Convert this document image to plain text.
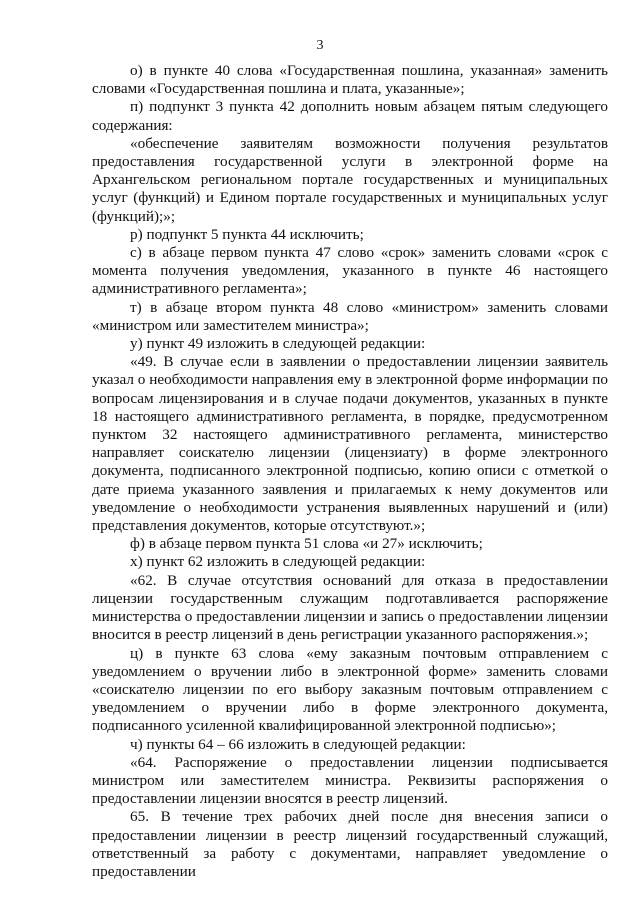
3

о) в пункте 40 слова «Государственная пошлина, указанная» заменить словами «Государственная пошлина и плата, указанные»;

п) подпункт 3 пункта 42 дополнить новым абзацем пятым следующего содержания:

«обеспечение заявителям возможности получения результатов предоставления государственной услуги в электронной форме на Архангельском региональном портале государственных и муниципальных услуг (функций) и Едином портале государственных и муниципальных услуг (функций);»;

р) подпункт 5 пункта 44 исключить;

с) в абзаце первом пункта 47 слово «срок» заменить словами «срок с момента получения уведомления, указанного в пункте 46 настоящего административного регламента»;

т) в абзаце втором пункта 48 слово «министром» заменить словами «министром или заместителем министра»;

у) пункт 49 изложить в следующей редакции:

«49. В случае если в заявлении о предоставлении лицензии заявитель указал о необходимости направления ему в электронной форме информации по вопросам лицензирования и в случае подачи документов, указанных в пункте 18 настоящего административного регламента, в порядке, предусмотренном пунктом 32 настоящего административного регламента, министерство направляет соискателю лицензии (лицензиату) в форме электронного документа, подписанного электронной подписью, копию описи с отметкой о дате приема указанного заявления и прилагаемых к нему документов или уведомление о необходимости устранения выявленных нарушений и (или) представления документов, которые отсутствуют.»;

ф) в абзаце первом пункта 51 слова «и 27» исключить;

х) пункт 62 изложить в следующей редакции:

«62. В случае отсутствия оснований для отказа в предоставлении лицензии государственным служащим подготавливается распоряжение министерства о предоставлении лицензии и запись о предоставлении лицензии вносится в реестр лицензий в день регистрации указанного распоряжения.»;

ц) в пункте 63 слова «ему заказным почтовым отправлением с уведомлением о вручении либо в электронной форме» заменить словами «соискателю лицензии по его выбору заказным почтовым отправлением с уведомлением о вручении либо в форме электронного документа, подписанного усиленной квалифицированной электронной подписью»;

ч) пункты 64 – 66 изложить в следующей редакции:

«64. Распоряжение о предоставлении лицензии подписывается министром или заместителем министра. Реквизиты распоряжения о предоставлении лицензии вносятся в реестр лицензий.

65. В течение трех рабочих дней после дня внесения записи о предоставлении лицензии в реестр лицензий государственный служащий, ответственный за работу с документами, направляет уведомление о предоставлении
